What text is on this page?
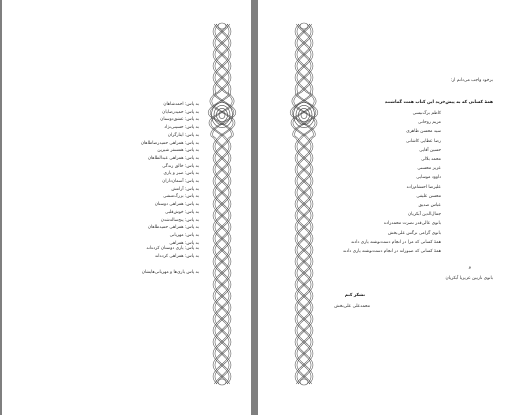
به پاس: احمدشاهان
به پاس: حمیدرضایان
به پاس: عشق‌دوستان
به پاس: حسینی‌نژاد
به پاس: ایثارگران
به پاس: همراهی حمیدرضاطاهان
به پاس: همسفر شیرین
به پاس: همراهی عبدالطاهان
به پاس: خالق زندگی
به پاس: صبر و یاری
به پاس: آسمان‌داران
به پاس: آرامش
به پاس: بزرگ‌منشی
به پاس: همراهی دوستان
به پاس: خوش‌قلبی
به پاس: پنج‌ساله‌شدن
به پاس: همراهی حمیدطاهان
به پاس: مهربانی
به پاس: همراهی
به پاس: یاری دوستان کرده‌اند
به پاس: همراهی کرده‌اند
به پاس یاری‌ها و مهربانی‌هایشان
برخود واجب می‌دانم از:
همهٔ کسانی که به پیش‌خرید این کتاب همت گماشتند
کاظم برگ‌نیسی
مریم روحانی
سید محسن طاهری
رضا عطایی کاشانی
حسین آقایی
محمد بلالی
عزیز محسنی
داوود موسایی
علیرضا احتشام‌زاده
محسن علیفی
عباس صدیق
جمال‌الدین آبکریان
بانوی عالی‌قدر نصرت محمدزاده
بانوی گرامی نرگس علی‌بخش
همهٔ کسانی که مرا در انجام دست‌نوشته یاری دادند
همهٔ کسانی که صبورانه در انجام دست‌نوشته یاری دادند
و
بانوی نازنین عزیزیا آبکریان
تشکر کنم
محمدعلی علی‌بخش
